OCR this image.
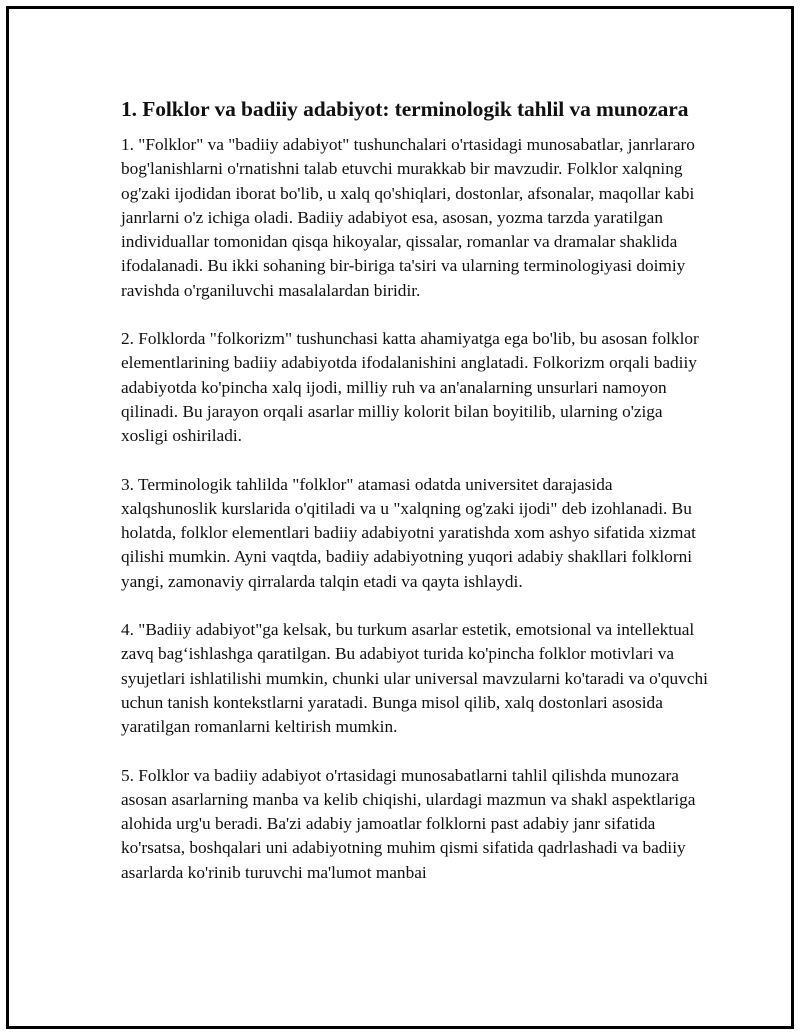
1. Folklor va badiiy adabiyot: terminologik tahlil va munozara

1. "Folklor" va "badiiy adabiyot" tushunchalari o'rtasidagi munosabatlar, janrlararo bog'lanishlarni o'rnatishni talab etuvchi murakkab bir mavzudir. Folklor xalqning og'zaki ijodidan iborat bo'lib, u xalq qo'shiqlari, dostonlar, afsonalar, maqollar kabi janrlarni o'z ichiga oladi. Badiiy adabiyot esa, asosan, yozma tarzda yaratilgan individuallar tomonidan qisqa hikoyalar, qissalar, romanlar va dramalar shaklida ifodalanadi. Bu ikki sohaning bir-biriga ta'siri va ularning terminologiyasi doimiy ravishda o'rganiluvchi masalalardan biridir.

2. Folklorda "folkorizm" tushunchasi katta ahamiyatga ega bo'lib, bu asosan folklor elementlarining badiiy adabiyotda ifodalanishini anglatadi. Folkorizm orqali badiiy adabiyotda ko'pincha xalq ijodi, milliy ruh va an'analarning unsurlari namoyon qilinadi. Bu jarayon orqali asarlar milliy kolorit bilan boyitilib, ularning o'ziga xosligi oshiriladi.

3. Terminologik tahlilda "folklor" atamasi odatda universitet darajasida xalqshunoslik kurslarida o'qitiladi va u "xalqning og'zaki ijodi" deb izohlanadi. Bu holatda, folklor elementlari badiiy adabiyotni yaratishda xom ashyo sifatida xizmat qilishi mumkin. Ayni vaqtda, badiiy adabiyotning yuqori adabiy shakllari folklorni yangi, zamonaviy qirralarda talqin etadi va qayta ishlaydi.

4. "Badiiy adabiyot"ga kelsak, bu turkum asarlar estetik, emotsional va intellektual zavq bag‘ishlashga qaratilgan. Bu adabiyot turida ko'pincha folklor motivlari va syujetlari ishlatilishi mumkin, chunki ular universal mavzularni ko'taradi va o'quvchi uchun tanish kontekstlarni yaratadi. Bunga misol qilib, xalq dostonlari asosida yaratilgan romanlarni keltirish mumkin.

5. Folklor va badiiy adabiyot o'rtasidagi munosabatlarni tahlil qilishda munozara asosan asarlarning manba va kelib chiqishi, ulardagi mazmun va shakl aspektlariga alohida urg'u beradi. Ba'zi adabiy jamoatlar folklorni past adabiy janr sifatida ko'rsatsa, boshqalari uni adabiyotning muhim qismi sifatida qadrlashadi va badiiy asarlarda ko'rinib turuvchi ma'lumot manbai
